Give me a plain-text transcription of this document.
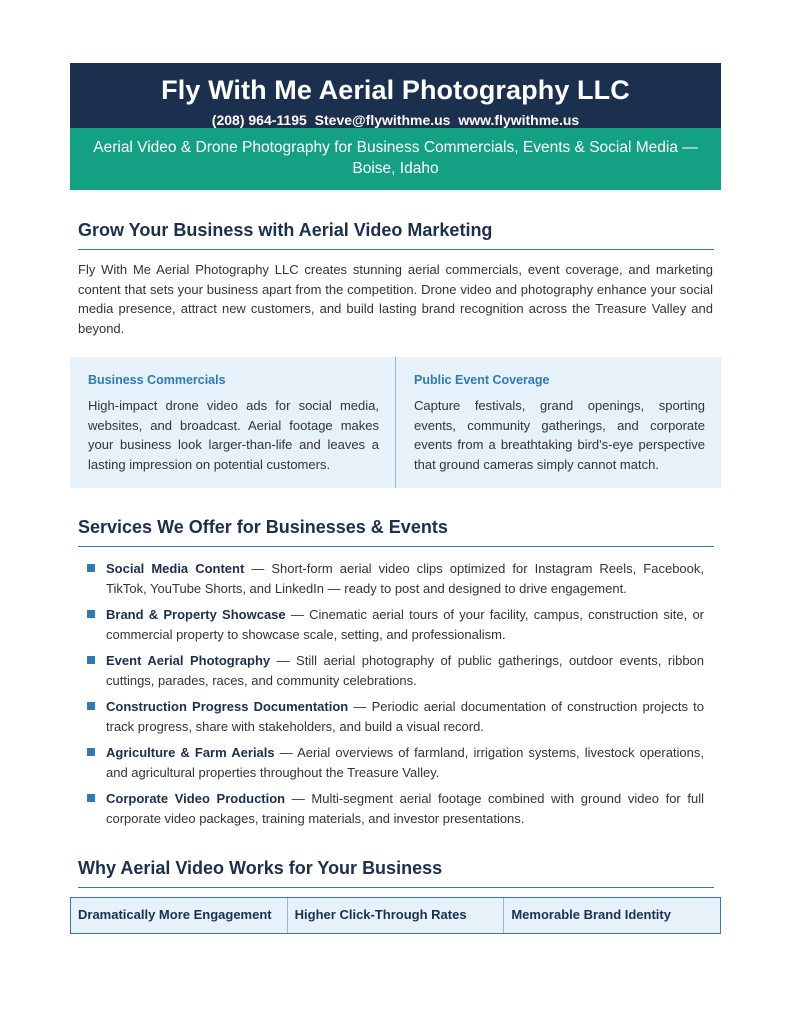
Fly With Me Aerial Photography LLC
(208) 964-1195 Steve@flywithme.us www.flywithme.us
Aerial Video & Drone Photography for Business Commercials, Events & Social Media — Boise, Idaho
Grow Your Business with Aerial Video Marketing
Fly With Me Aerial Photography LLC creates stunning aerial commercials, event coverage, and marketing content that sets your business apart from the competition. Drone video and photography enhance your social media presence, attract new customers, and build lasting brand recognition across the Treasure Valley and beyond.
Business Commercials
High-impact drone video ads for social media, websites, and broadcast. Aerial footage makes your business look larger-than-life and leaves a lasting impression on potential customers.
Public Event Coverage
Capture festivals, grand openings, sporting events, community gatherings, and corporate events from a breathtaking bird's-eye perspective that ground cameras simply cannot match.
Services We Offer for Businesses & Events
Social Media Content — Short-form aerial video clips optimized for Instagram Reels, Facebook, TikTok, YouTube Shorts, and LinkedIn — ready to post and designed to drive engagement.
Brand & Property Showcase — Cinematic aerial tours of your facility, campus, construction site, or commercial property to showcase scale, setting, and professionalism.
Event Aerial Photography — Still aerial photography of public gatherings, outdoor events, ribbon cuttings, parades, races, and community celebrations.
Construction Progress Documentation — Periodic aerial documentation of construction projects to track progress, share with stakeholders, and build a visual record.
Agriculture & Farm Aerials — Aerial overviews of farmland, irrigation systems, livestock operations, and agricultural properties throughout the Treasure Valley.
Corporate Video Production — Multi-segment aerial footage combined with ground video for full corporate video packages, training materials, and investor presentations.
Why Aerial Video Works for Your Business
Dramatically More Engagement	Higher Click-Through Rates	Memorable Brand Identity
